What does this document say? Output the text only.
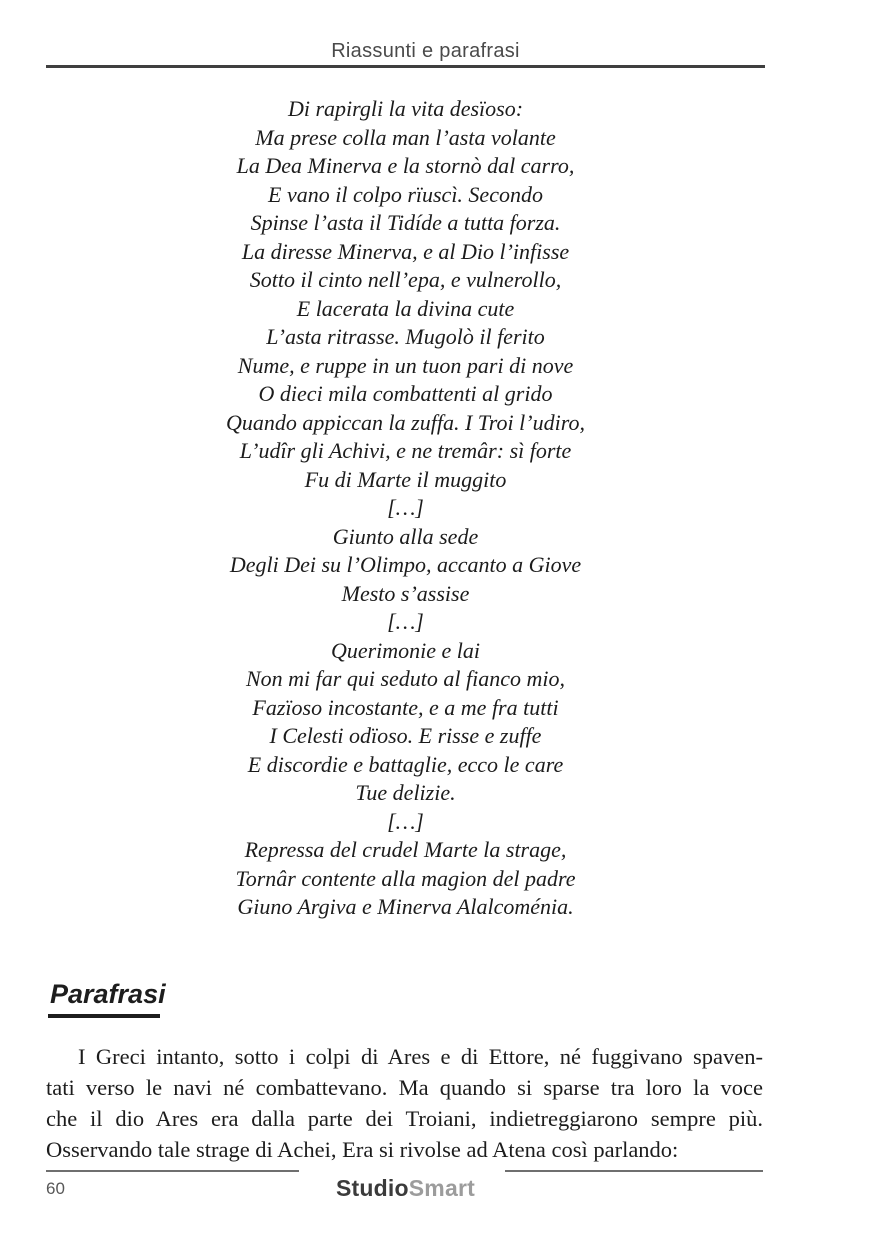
Riassunti e parafrasi
Di rapirgli la vita desïoso:
Ma prese colla man l’asta volante
La Dea Minerva e la stornò dal carro,
E vano il colpo rïuscì. Secondo
Spinse l’asta il Tidíde a tutta forza.
La diresse Minerva, e al Dio l’infisse
Sotto il cinto nell’epa, e vulnerollo,
E lacerata la divina cute
L’asta ritrasse. Mugolò il ferito
Nume, e ruppe in un tuon pari di nove
O dieci mila combattenti al grido
Quando appiccan la zuffa. I Troi l’udiro,
L’udîr gli Achivi, e ne tremâr: sì forte
Fu di Marte il muggito
[…]
Giunto alla sede
Degli Dei su l’Olimpo, accanto a Giove
Mesto s’assise
[…]
Querimonie e lai
Non mi far qui seduto al fianco mio,
Fazïoso incostante, e a me fra tutti
I Celesti odïoso. E risse e zuffe
E discordie e battaglie, ecco le care
Tue delizie.
[…]
Repressa del crudel Marte la strage,
Tornâr contente alla magion del padre
Giuno Argiva e Minerva Alalcoménia.
Parafrasi
I Greci intanto, sotto i colpi di Ares e di Ettore, né fuggivano spaven-
tati verso le navi né combattevano. Ma quando si sparse tra loro la voce
che il dio Ares era dalla parte dei Troiani, indietreggiarono sempre più.
Osservando tale strage di Achei, Era si rivolse ad Atena così parlando:
StudioSmart
60
